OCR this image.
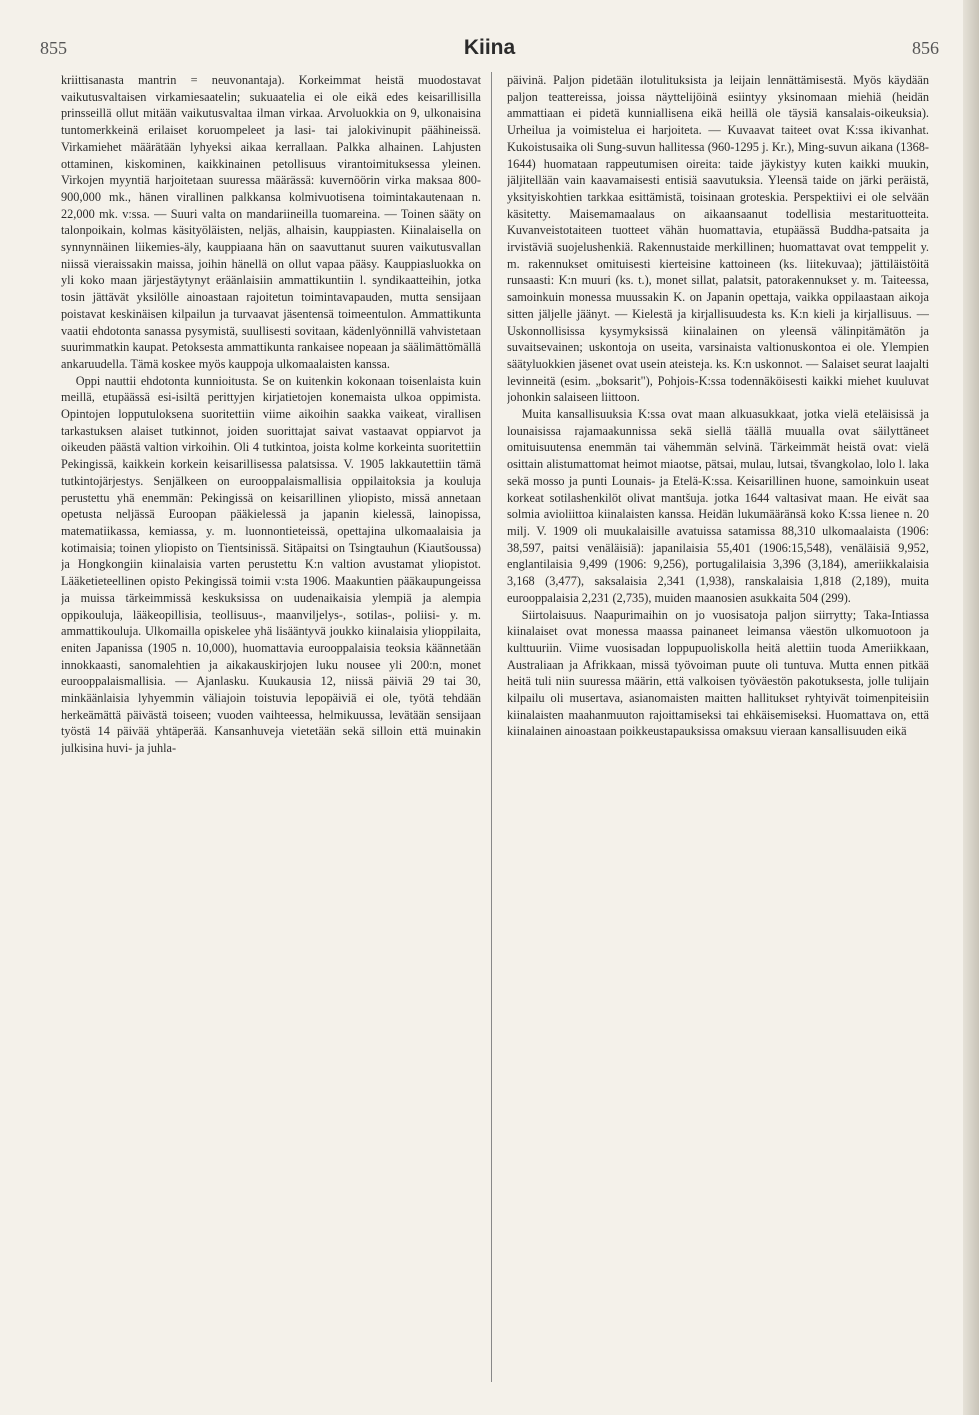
855	Kiina	856

kriittisanasta mantrin = neuvonantaja). Korkeimmat heistä muodostavat vaikutusvaltaisen virkamiesaatelin; sukuaatelia ei ole eikä edes keisarillisilla prinsseillä ollut mitään vaikutusvaltaa ilman virkaa. Arvoluokkia on 9, ulkonaisina tuntomerkkeinä erilaiset koruompeleet ja lasi- tai jalokivinupit päähineissä. Virkamiehet määrätään lyhyeksi aikaa kerrallaan. Palkka alhainen. Lahjusten ottaminen, kiskominen, kaikkinainen petollisuus virantoimituksessa yleinen. Virkojen myyntiä harjoitetaan suuressa määrässä: kuvernöörin virka maksaa 800-900,000 mk., hänen virallinen palkkansa kolmivuotisena toimintakautenaan n. 22,000 mk. v:ssa. — Suuri valta on mandariineilla tuomareina. — Toinen sääty on talonpoikain, kolmas käsityöläisten, neljäs, alhaisin, kauppiasten. Kiinalaisella on synnynnäinen liikemies-äly, kauppiaana hän on saavuttanut suuren vaikutusvallan niissä vieraissakin maissa, joihin hänellä on ollut vapaa pääsy. Kauppiasluokka on yli koko maan järjestäytynyt eräänlaisiin ammattikuntiin l. syndikaatteihin, jotka tosin jättävät yksilölle ainoastaan rajoitetun toimintavapauden, mutta sensijaan poistavat keskinäisen kilpailun ja turvaavat jäsentensä toimeentulon. Ammattikunta vaatii ehdotonta sanassa pysymistä, suullisesti sovitaan, kädenlyönnillä vahvistetaan suurimmatkin kaupat. Petoksesta ammattikunta rankaisee nopeaan ja säälimättömällä ankaruudella. Tämä koskee myös kauppoja ulkomaalaisten kanssa.

Oppi nauttii ehdotonta kunnioitusta. Se on kuitenkin kokonaan toisenlaista kuin meillä, etupäässä esi-isiltä perittyjen kirjatietojen konemaista ulkoa oppimista. Opintojen lopputuloksena suoritettiin viime aikoihin saakka vaikeat, virallisen tarkastuksen alaiset tutkinnot, joiden suorittajat saivat vastaavat oppiarvot ja oikeuden päästä valtion virkoihin. Oli 4 tutkintoa, joista kolme korkeinta suoritettiin Pekingissä, kaikkein korkein keisarillisessa palatsissa. V. 1905 lakkautettiin tämä tutkintojärjestys. Senjälkeen on eurooppalaismallisia oppilaitoksia ja kouluja perustettu yhä enemmän: Pekingissä on keisarillinen yliopisto, missä annetaan opetusta neljässä Euroopan pääkielessä ja japanin kielessä, lainopissa, matematiikassa, kemiassa, y. m. luonnontieteissä, opettajina ulkomaalaisia ja kotimaisia; toinen yliopisto on Tientsinissä. Sitäpaitsi on Tsingtauhun (Kiautšoussa) ja Hongkongiin kiinalaisia varten perustettu K:n valtion avustamat yliopistot. Lääketieteellinen opisto Pekingissä toimii v:sta 1906. Maakuntien pääkaupungeissa ja muissa tärkeimmissä keskuksissa on uudenaikaisia ylempiä ja alempia oppikouluja, lääkeopillisia, teollisuus-, maanviljelys-, sotilas-, poliisi- y. m. ammattikouluja. Ulkomailla opiskelee yhä lisääntyvä joukko kiinalaisia ylioppilaita, eniten Japanissa (1905 n. 10,000), huomattavia eurooppalaisia teoksia käännetään innokkaasti, sanomalehtien ja aikakauskirjojen luku nousee yli 200:n, monet eurooppalaismallisia. — Ajanlasku. Kuukausia 12, niissä päiviä 29 tai 30, minkäänlaisia lyhyemmin väliajoin toistuvia lepopäiviä ei ole, työtä tehdään herkeämättä päivästä toiseen; vuoden vaihteessa, helmikuussa, levätään sensijaan työstä 14 päivää yhtäperää. Kansanhuveja vietetään sekä silloin että muinakin julkisina huvi- ja juhla-

päivinä. Paljon pidetään ilotulituksista ja leijain lennättämisestä. Myös käydään paljon teattereissa, joissa näyttelijöinä esiintyy yksinomaan miehiä (heidän ammattiaan ei pidetä kunniallisena eikä heillä ole täysiä kansalais-oikeuksia). Urheilua ja voimistelua ei harjoiteta. — Kuvaavat taiteet ovat K:ssa ikivanhat. Kukoistusaika oli Sung-suvun hallitessa (960-1295 j. Kr.), Ming-suvun aikana (1368-1644) huomataan rappeutumisen oireita: taide jäykistyy kuten kaikki muukin, jäljitellään vain kaavamaisesti entisiä saavutuksia. Yleensä taide on järki peräistä, yksityiskohtien tarkkaa esittämistä, toisinaan groteskia. Perspektiivi ei ole selvään käsitetty. Maisemamaalaus on aikaansaanut todellisia mestarituotteita. Kuvanveistotaiteen tuotteet vähän huomattavia, etupäässä Buddha-patsaita ja irvistäviä suojelushenkiä. Rakennustaide merkillinen; huomattavat ovat temppelit y. m. rakennukset omituisesti kierteisine kattoineen (ks. liitekuvaa); jättiläistöitä runsaasti: K:n muuri (ks. t.), monet sillat, palatsit, patorakennukset y. m. Taiteessa, samoinkuin monessa muussakin K. on Japanin opettaja, vaikka oppilaastaan aikoja sitten jäljelle jäänyt. — Kielestä ja kirjallisuudesta ks. K:n kieli ja kirjallisuus. — Uskonnollisissa kysymyksissä kiinalainen on yleensä välinpitämätön ja suvaitsevainen; uskontoja on useita, varsinaista valtionuskontoa ei ole. Ylempien säätyluokkien jäsenet ovat usein ateisteja. ks. K:n uskonnot. — Salaiset seurat laajalti levinneitä (esim. „boksarit"), Pohjois-K:ssa todennäköisesti kaikki miehet kuuluvat johonkin salaiseen liittoon.

Muita kansallisuuksia K:ssa ovat maan alkuasukkaat, jotka vielä eteläisissä ja lounaisissa rajamaakunnissa sekä siellä täällä muualla ovat säilyttäneet omituisuutensa enemmän tai vähemmän selvinä. Tärkeimmät heistä ovat: vielä osittain alistumattomat heimot miaotse, pätsai, mulau, lutsai, tšvangkolao, lolo l. laka sekä mosso ja punti Lounais- ja Etelä-K:ssa. Keisarillinen huone, samoinkuin useat korkeat sotilashenkilöt olivat mantšuja. jotka 1644 valtasivat maan. He eivät saa solmia avioliittoa kiinalaisten kanssa. Heidän lukumääränsä koko K:ssa lienee n. 20 milj. V. 1909 oli muukalaisille avatuissa satamissa 88,310 ulkomaalaista (1906: 38,597, paitsi venäläisiä): japanilaisia 55,401 (1906:15,548), venäläisiä 9,952, englantilaisia 9,499 (1906: 9,256), portugalilaisia 3,396 (3,184), ameriikkalaisia 3,168 (3,477), saksalaisia 2,341 (1,938), ranskalaisia 1,818 (2,189), muita eurooppalaisia 2,231 (2,735), muiden maanosien asukkaita 504 (299).

Siirtolaisuus. Naapurimaihin on jo vuosisatoja paljon siirrytty; Taka-Intiassa kiinalaiset ovat monessa maassa painaneet leimansa väestön ulkomuotoon ja kulttuuriin. Viime vuosisadan loppupuoliskolla heitä alettiin tuoda Ameriikkaan, Australiaan ja Afrikkaan, missä työvoiman puute oli tuntuva. Mutta ennen pitkää heitä tuli niin suuressa määrin, että valkoisen työväestön pakotuksesta, jolle tulijain kilpailu oli musertava, asianomaisten maitten hallitukset ryhtyivät toimenpiteisiin kiinalaisten maahanmuuton rajoittamiseksi tai ehkäisemiseksi. Huomattava on, että kiinalainen ainoastaan poikkeustapauksissa omaksuu vieraan kansallisuuden eikä
